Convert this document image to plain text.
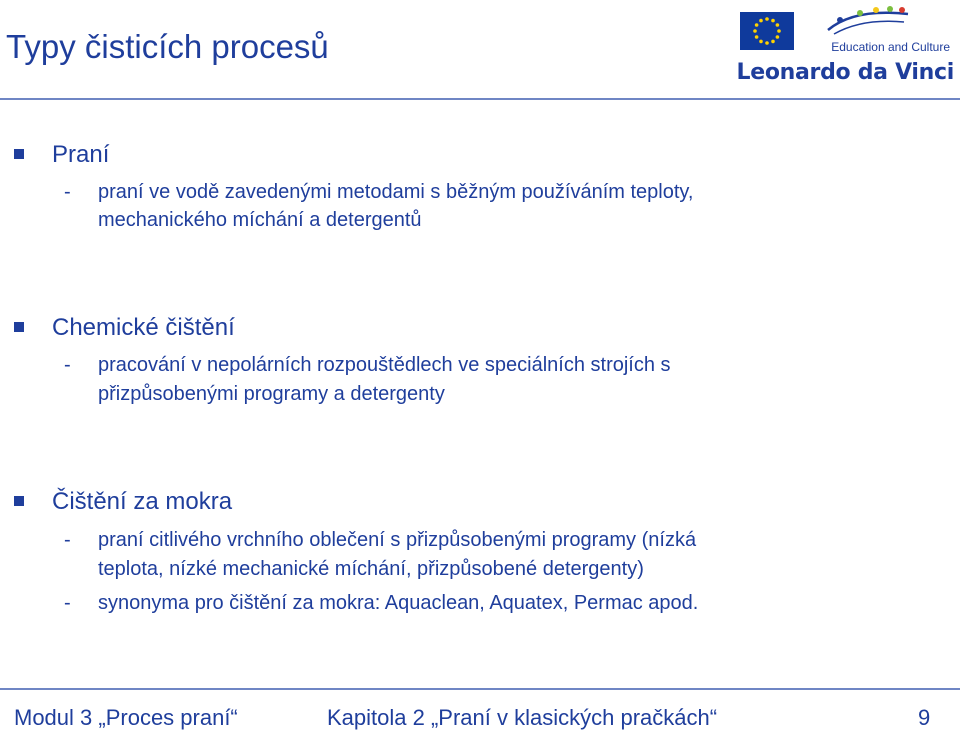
Typy čisticích procesů	Education and Culture
Leonardo da Vinci
Praní
- praní ve vodě zavedenými metodami s běžným používáním teploty,
mechanického míchání a detergentů
Chemické čištění
- pracování v nepolárních rozpouštědlech ve speciálních strojích s
přizpůsobenými programy a detergenty
Čištění za mokra
- praní citlivého vrchního oblečení s přizpůsobenými programy (nízká
teplota, nízké mechanické míchání, přizpůsobené detergenty)
- synonyma pro čištění za mokra: Aquaclean, Aquatex, Permac apod.
Modul 3 „Proces praní“	Kapitola 2 „Praní v klasických pračkách“	9
